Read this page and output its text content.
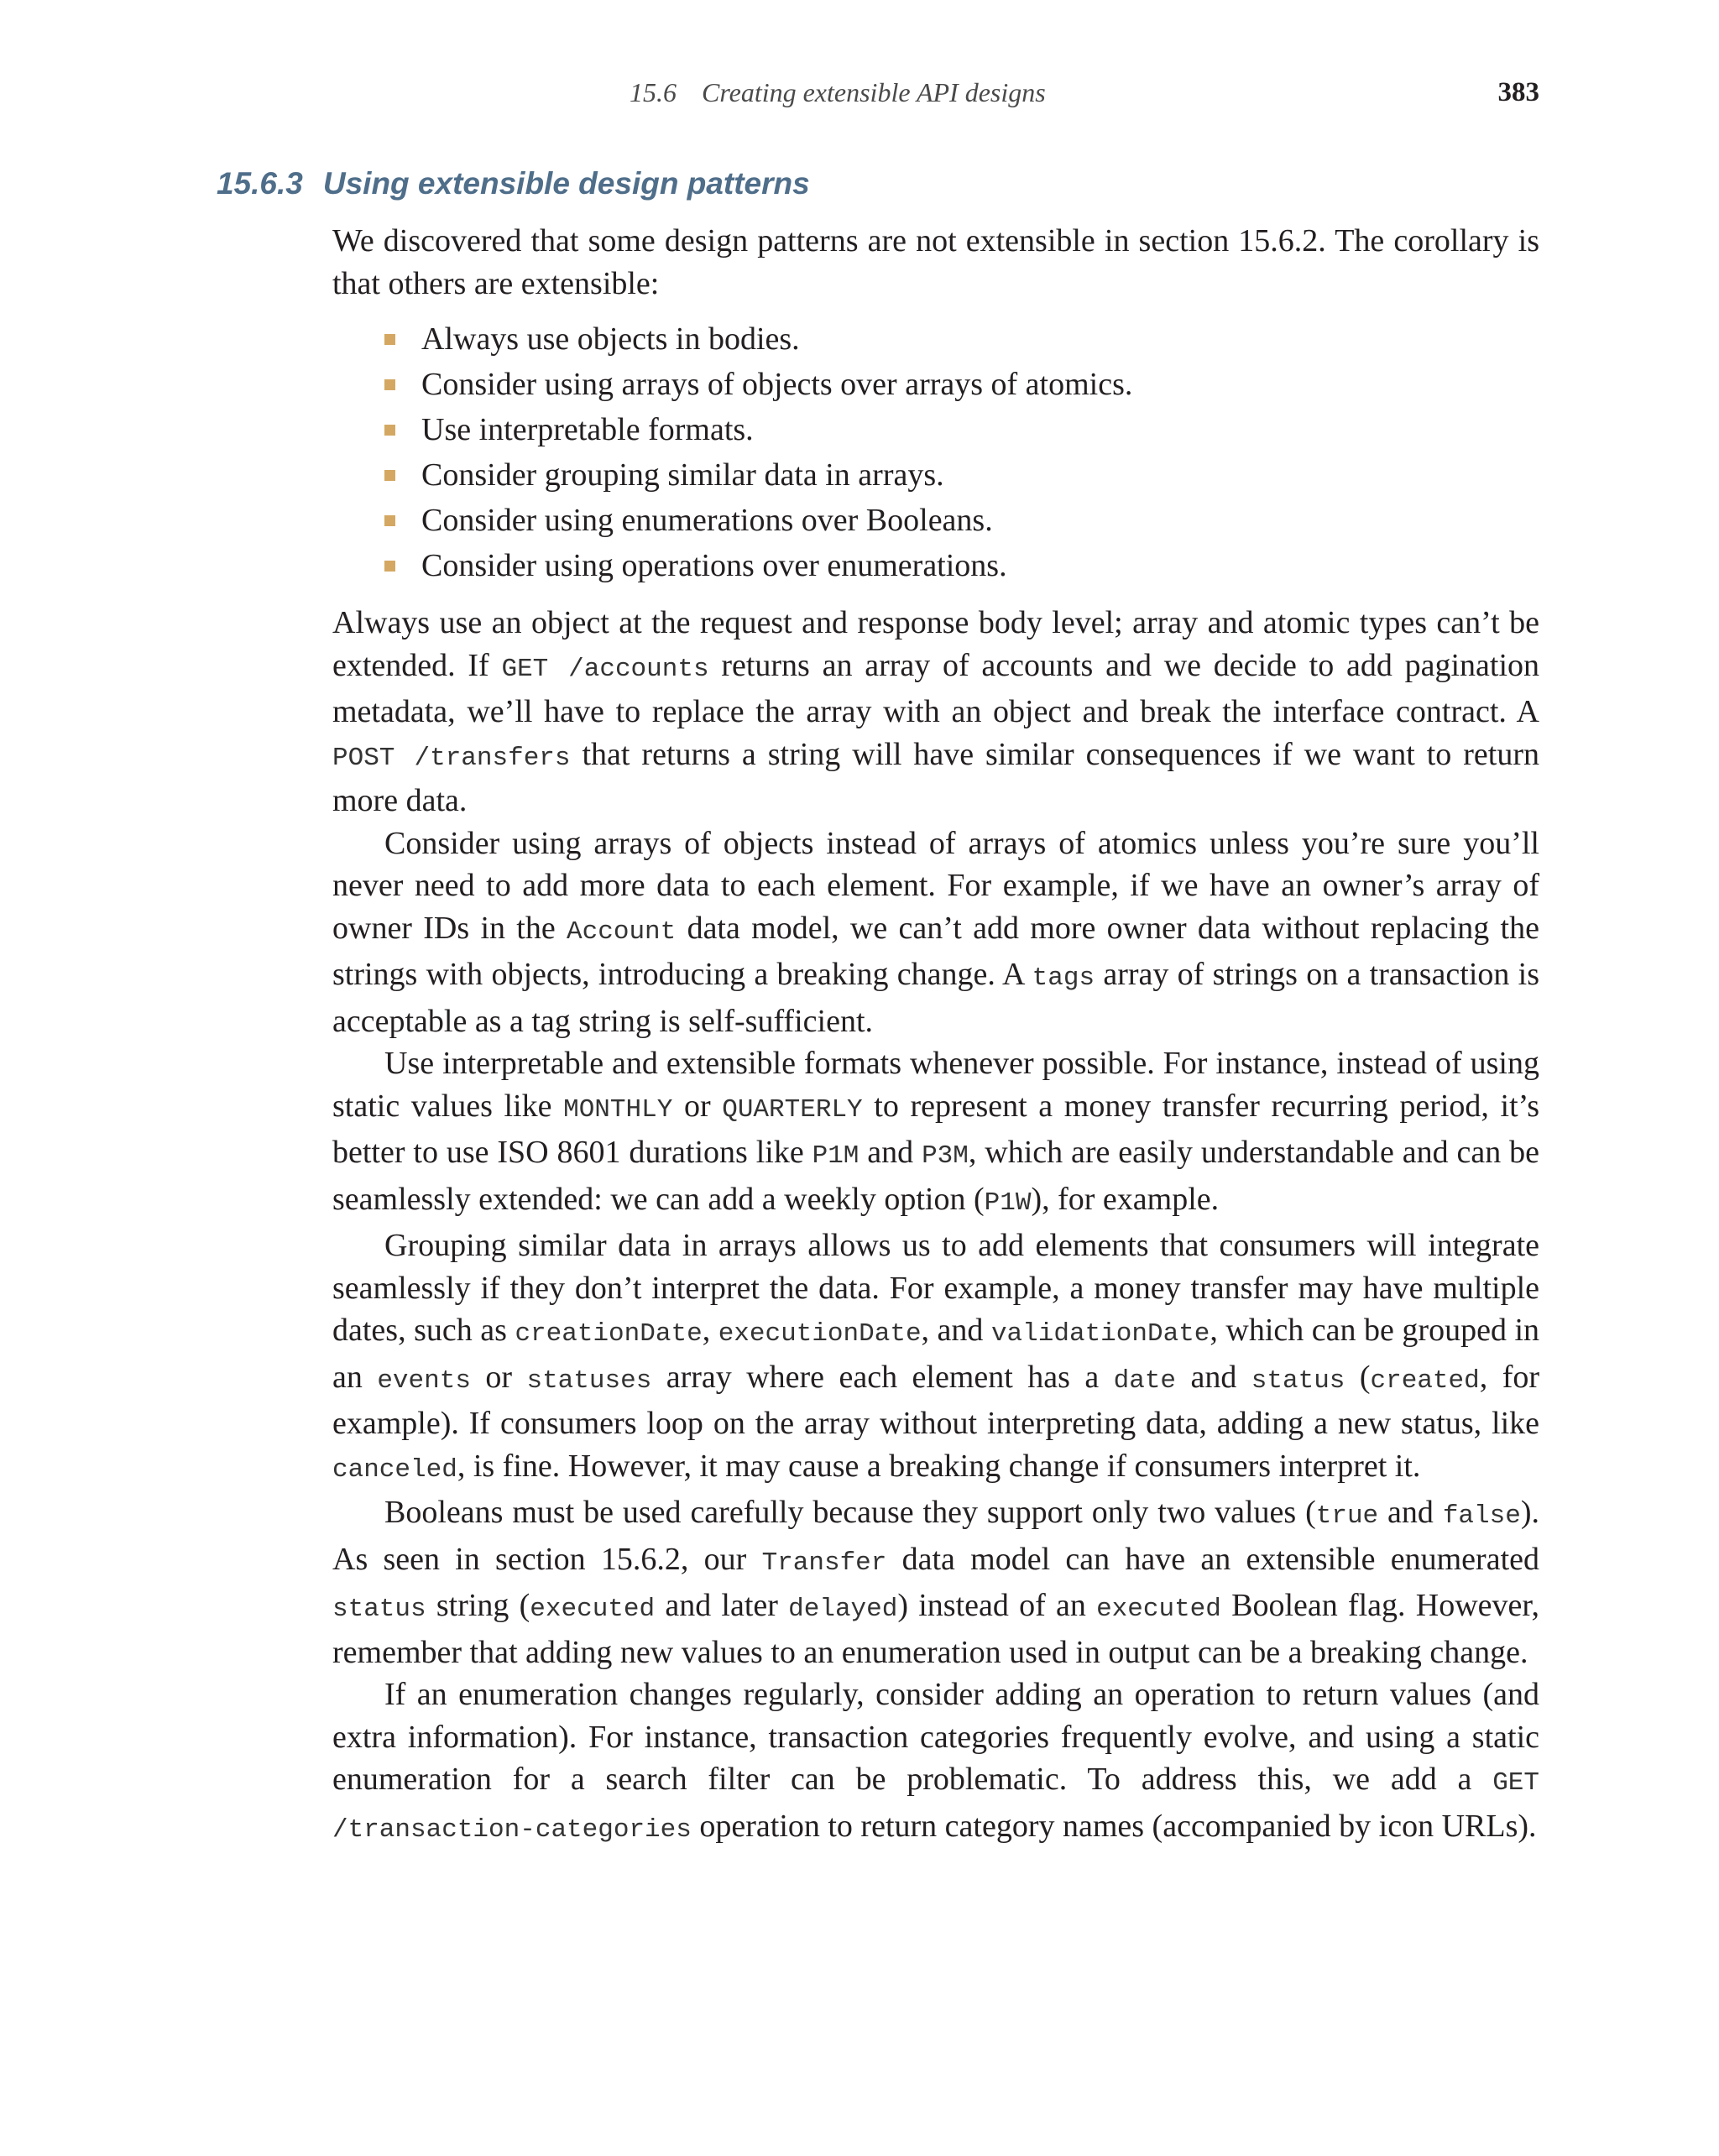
15.6 Creating extensible API designs	383
15.6.3 Using extensible design patterns

We discovered that some design patterns are not extensible in section 15.6.2. The corollary is that others are extensible:

Always use objects in bodies.
Consider using arrays of objects over arrays of atomics.
Use interpretable formats.
Consider grouping similar data in arrays.
Consider using enumerations over Booleans.
Consider using operations over enumerations.

Always use an object at the request and response body level; array and atomic types can’t be extended. If GET /accounts returns an array of accounts and we decide to add pagination metadata, we’ll have to replace the array with an object and break the interface contract. A POST /transfers that returns a string will have similar consequences if we want to return more data.

Consider using arrays of objects instead of arrays of atomics unless you’re sure you’ll never need to add more data to each element. For example, if we have an owner’s array of owner IDs in the Account data model, we can’t add more owner data without replacing the strings with objects, introducing a breaking change. A tags array of strings on a transaction is acceptable as a tag string is self-sufficient.

Use interpretable and extensible formats whenever possible. For instance, instead of using static values like MONTHLY or QUARTERLY to represent a money transfer recurring period, it’s better to use ISO 8601 durations like P1M and P3M, which are easily understandable and can be seamlessly extended: we can add a weekly option (P1W), for example.

Grouping similar data in arrays allows us to add elements that consumers will integrate seamlessly if they don’t interpret the data. For example, a money transfer may have multiple dates, such as creationDate, executionDate, and validationDate, which can be grouped in an events or statuses array where each element has a date and status (created, for example). If consumers loop on the array without interpreting data, adding a new status, like canceled, is fine. However, it may cause a breaking change if consumers interpret it.

Booleans must be used carefully because they support only two values (true and false). As seen in section 15.6.2, our Transfer data model can have an extensible enumerated status string (executed and later delayed) instead of an executed Boolean flag. However, remember that adding new values to an enumeration used in output can be a breaking change.

If an enumeration changes regularly, consider adding an operation to return values (and extra information). For instance, transaction categories frequently evolve, and using a static enumeration for a search filter can be problematic. To address this, we add a GET /transaction-categories operation to return category names (accompanied by icon URLs).
